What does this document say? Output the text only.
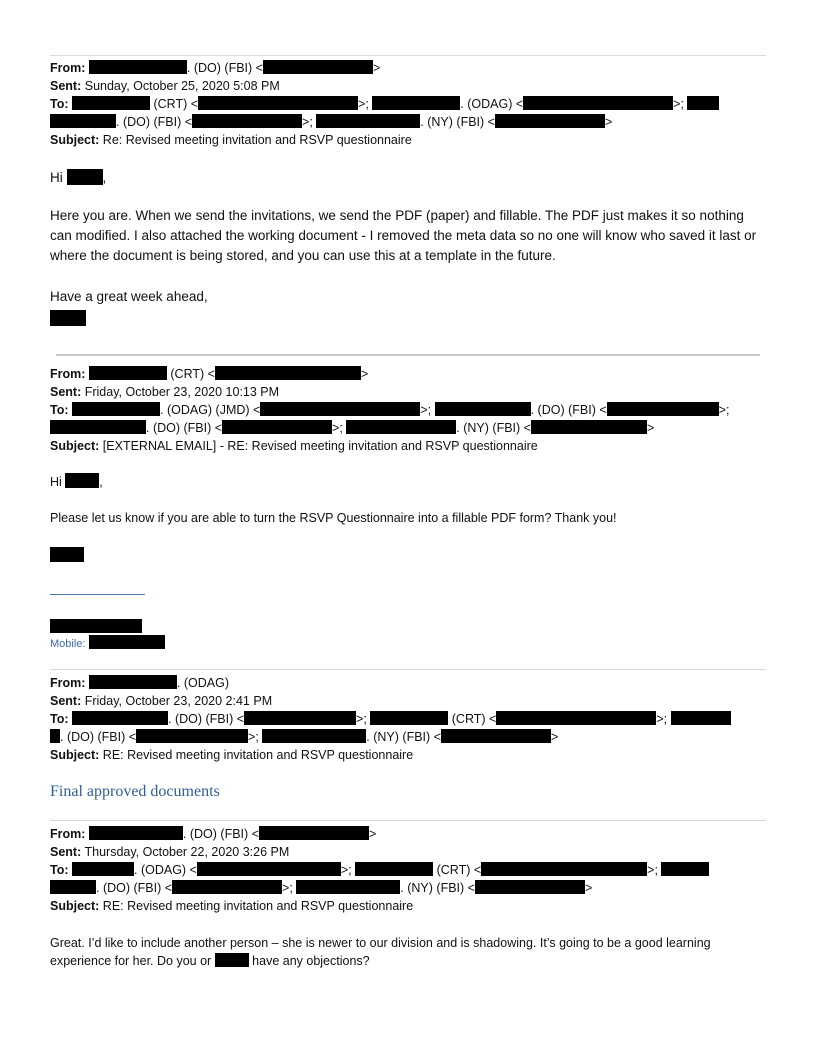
From:	. (DO) (FBI) <	>
Sent: Sunday, October 25, 2020 5:08 PM
To:	(CRT) <	>;	. (ODAG) <	>;
. (DO) (FBI) <	>;	. (NY) (FBI) <	>
Subject: Re: Revised meeting invitation and RSVP questionnaire
Hi	,
Here you are. When we send the invitations, we send the PDF (paper) and fillable. The PDF just makes it so nothing can modified. I also attached the working document - I removed the meta data so no one will know who saved it last or where the document is being stored, and you can use this at a template in the future.
Have a great week ahead,
From:	(CRT) <	>
Sent: Friday, October 23, 2020 10:13 PM
To:	. (ODAG) (JMD) <	>;	. (DO) (FBI) <	>;
. (DO) (FBI) <	>;	. (NY) (FBI) <	>
Subject: [EXTERNAL EMAIL] - RE: Revised meeting invitation and RSVP questionnaire
Hi	,
Please let us know if you are able to turn the RSVP Questionnaire into a fillable PDF form? Thank you!
Mobile:
From:	. (ODAG)
Sent: Friday, October 23, 2020 2:41 PM
To:	. (DO) (FBI) <	>;	(CRT) <	>;
. (DO) (FBI) <	>;	. (NY) (FBI) <	>
Subject: RE: Revised meeting invitation and RSVP questionnaire
Final approved documents
From:	. (DO) (FBI) <	>
Sent: Thursday, October 22, 2020 3:26 PM
To:	. (ODAG) <	>;	(CRT) <	>;
. (DO) (FBI) <	>;	. (NY) (FBI) <	>
Subject: RE: Revised meeting invitation and RSVP questionnaire
Great. I’d like to include another person – she is newer to our division and is shadowing. It’s going to be a good learning experience for her. Do you or	have any objections?
